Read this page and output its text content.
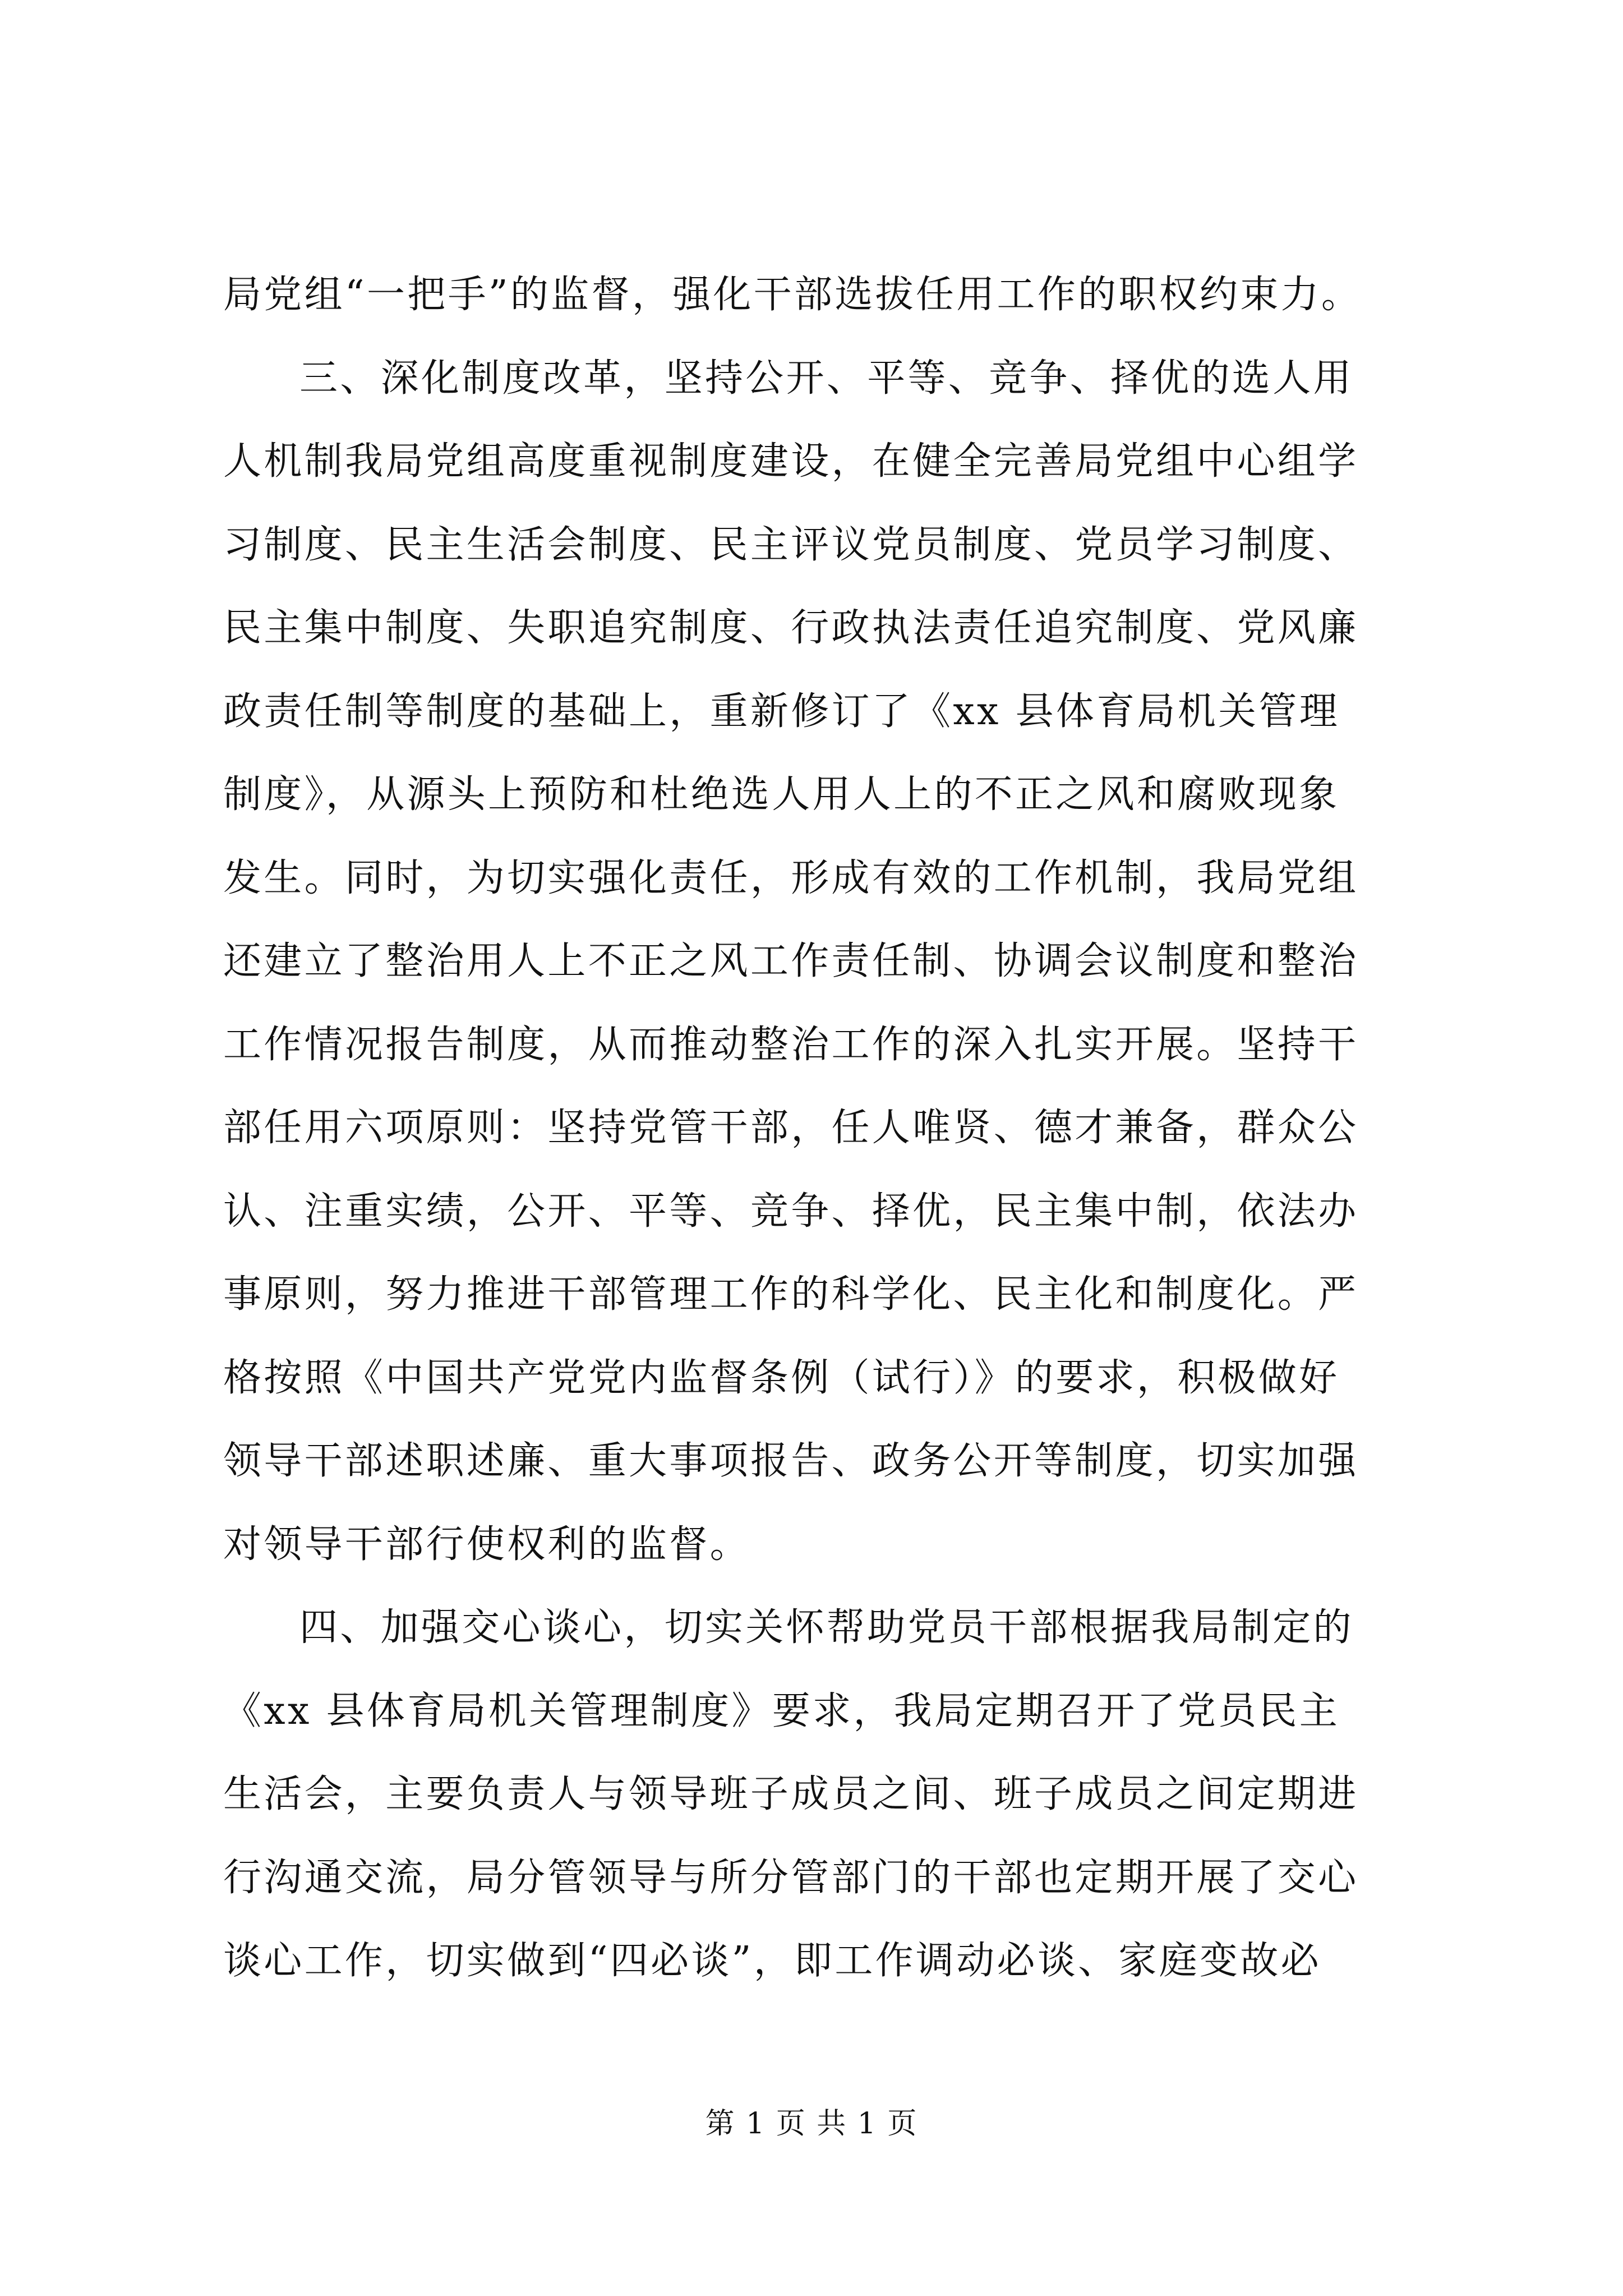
局党组“一把手”的监督，强化干部选拔任用工作的职权约束力。
三、深化制度改革，坚持公开、平等、竞争、择优的选人用
人机制我局党组高度重视制度建设，在健全完善局党组中心组学
习制度、民主生活会制度、民主评议党员制度、党员学习制度、
民主集中制度、失职追究制度、行政执法责任追究制度、党风廉
政责任制等制度的基础上，重新修订了《xx 县体育局机关管理
制度》，从源头上预防和杜绝选人用人上的不正之风和腐败现象
发生。同时，为切实强化责任，形成有效的工作机制，我局党组
还建立了整治用人上不正之风工作责任制、协调会议制度和整治
工作情况报告制度，从而推动整治工作的深入扎实开展。坚持干
部任用六项原则：坚持党管干部，任人唯贤、德才兼备，群众公
认、注重实绩，公开、平等、竞争、择优，民主集中制，依法办
事原则，努力推进干部管理工作的科学化、民主化和制度化。严
格按照《中国共产党党内监督条例（试行）》的要求，积极做好
领导干部述职述廉、重大事项报告、政务公开等制度，切实加强
对领导干部行使权利的监督。
四、加强交心谈心，切实关怀帮助党员干部根据我局制定的
《xx 县体育局机关管理制度》要求，我局定期召开了党员民主
生活会，主要负责人与领导班子成员之间、班子成员之间定期进
行沟通交流，局分管领导与所分管部门的干部也定期开展了交心
谈心工作，切实做到“四必谈”，即工作调动必谈、家庭变故必
第 1 页 共 1 页
